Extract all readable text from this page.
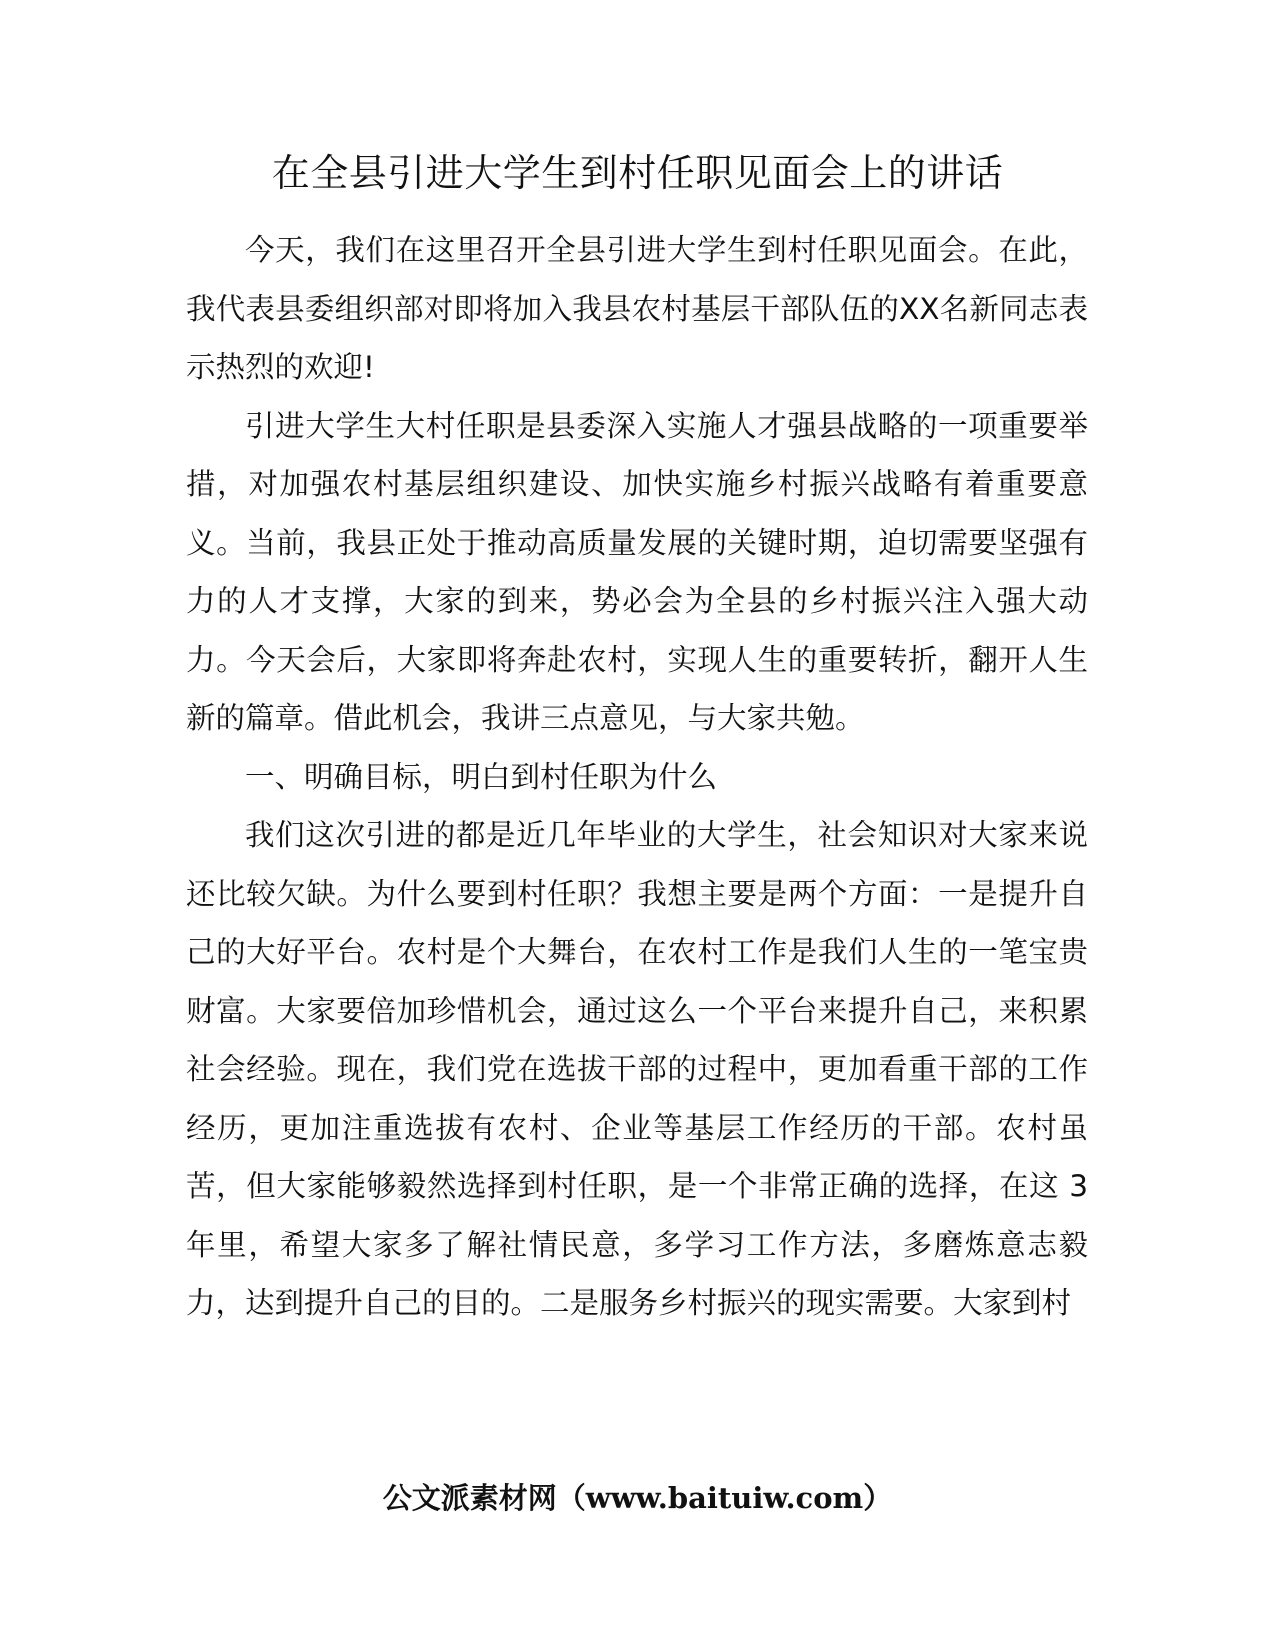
在全县引进大学生到村任职见面会上的讲话

今天，我们在这里召开全县引进大学生到村任职见面会。在此，我代表县委组织部对即将加入我县农村基层干部队伍的XX名新同志表示热烈的欢迎!

引进大学生大村任职是县委深入实施人才强县战略的一项重要举措，对加强农村基层组织建设、加快实施乡村振兴战略有着重要意义。当前，我县正处于推动高质量发展的关键时期，迫切需要坚强有力的人才支撑，大家的到来，势必会为全县的乡村振兴注入强大动力。今天会后，大家即将奔赴农村，实现人生的重要转折，翻开人生新的篇章。借此机会，我讲三点意见，与大家共勉。

一、明确目标，明白到村任职为什么

我们这次引进的都是近几年毕业的大学生，社会知识对大家来说还比较欠缺。为什么要到村任职？我想主要是两个方面：一是提升自己的大好平台。农村是个大舞台，在农村工作是我们人生的一笔宝贵财富。大家要倍加珍惜机会，通过这么一个平台来提升自己，来积累社会经验。现在，我们党在选拔干部的过程中，更加看重干部的工作经历，更加注重选拔有农村、企业等基层工作经历的干部。农村虽苦，但大家能够毅然选择到村任职，是一个非常正确的选择，在这 3 年里，希望大家多了解社情民意，多学习工作方法，多磨炼意志毅力，达到提升自己的目的。二是服务乡村振兴的现实需要。大家到村

公文派素材网（www.baituiw.com）
